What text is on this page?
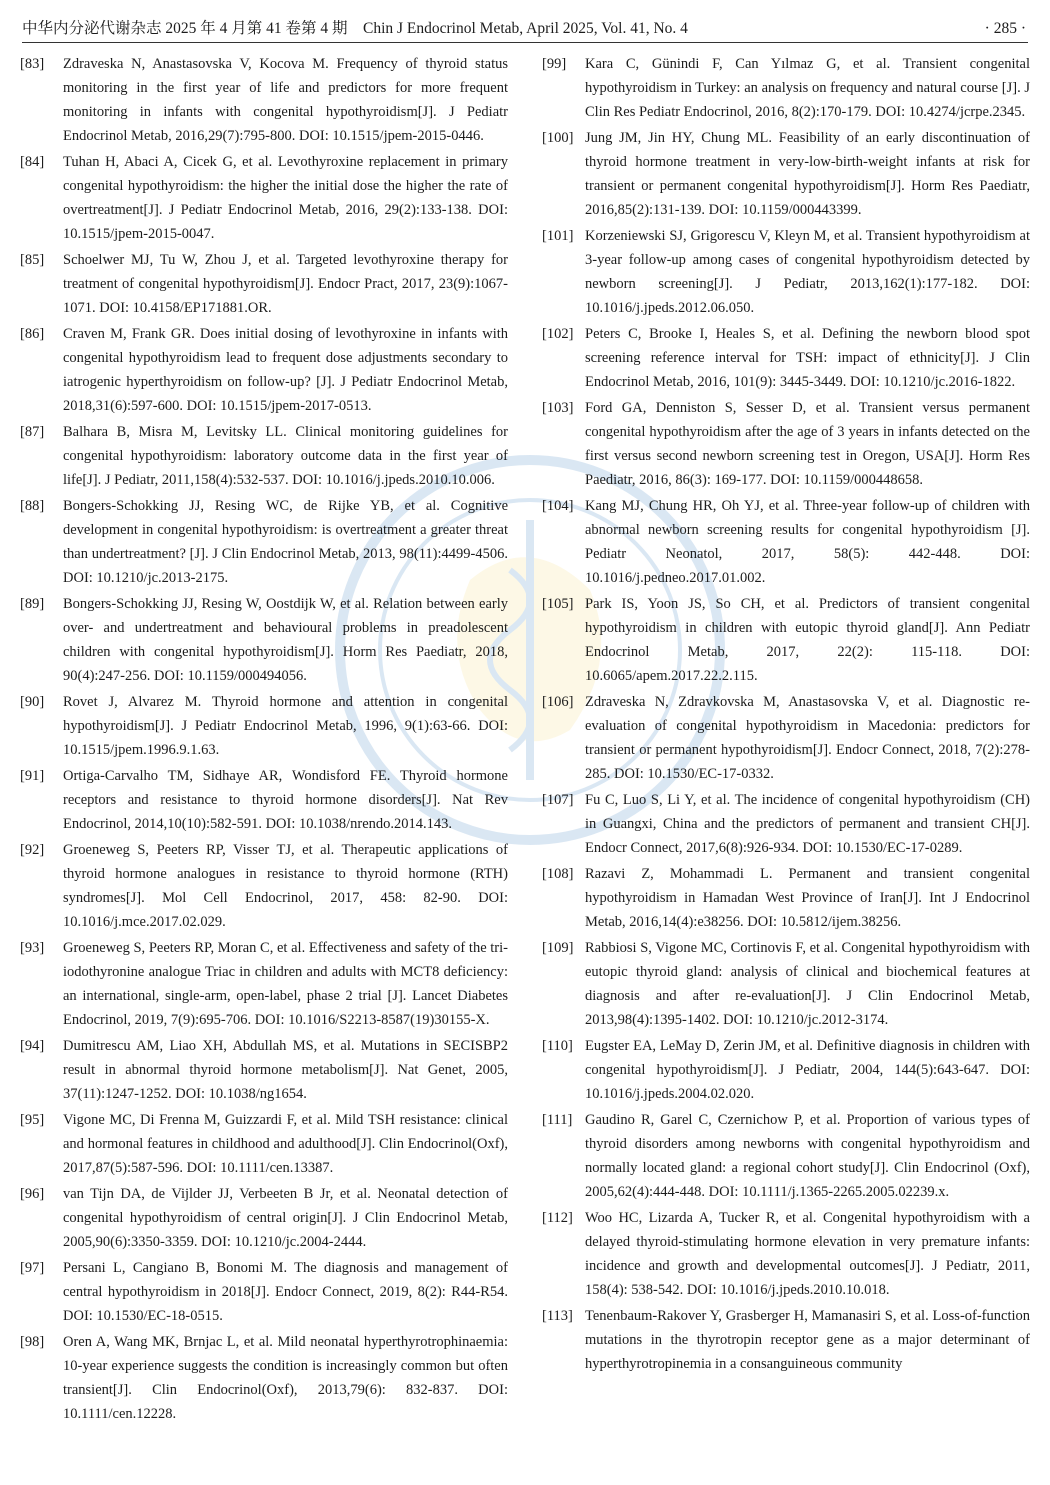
中华内分泌代谢杂志 2025 年 4 月第 41 卷第 4 期　Chin J Endocrinol Metab, April 2025, Vol. 41, No. 4	· 285 ·
[83] Zdraveska N, Anastasovska V, Kocova M. Frequency of thyroid status monitoring in the first year of life and predictors for more frequent monitoring in infants with congenital hypothyroidism[J]. J Pediatr Endocrinol Metab, 2016,29(7):795-800. DOI: 10.1515/jpem-2015-0446.
[84] Tuhan H, Abaci A, Cicek G, et al. Levothyroxine replacement in primary congenital hypothyroidism: the higher the initial dose the higher the rate of overtreatment[J]. J Pediatr Endocrinol Metab, 2016, 29(2):133-138. DOI: 10.1515/jpem-2015-0047.
[85] Schoelwer MJ, Tu W, Zhou J, et al. Targeted levothyroxine therapy for treatment of congenital hypothyroidism[J]. Endocr Pract, 2017, 23(9):1067-1071. DOI: 10.4158/EP171881.OR.
[86] Craven M, Frank GR. Does initial dosing of levothyroxine in infants with congenital hypothyroidism lead to frequent dose adjustments secondary to iatrogenic hyperthyroidism on follow-up? [J]. J Pediatr Endocrinol Metab, 2018,31(6):597-600. DOI: 10.1515/jpem-2017-0513.
[87] Balhara B, Misra M, Levitsky LL. Clinical monitoring guidelines for congenital hypothyroidism: laboratory outcome data in the first year of life[J]. J Pediatr, 2011,158(4):532-537. DOI: 10.1016/j.jpeds.2010.10.006.
[88] Bongers-Schokking JJ, Resing WC, de Rijke YB, et al. Cognitive development in congenital hypothyroidism: is overtreatment a greater threat than undertreatment? [J]. J Clin Endocrinol Metab, 2013, 98(11):4499-4506. DOI: 10.1210/jc.2013-2175.
[89] Bongers-Schokking JJ, Resing W, Oostdijk W, et al. Relation between early over- and undertreatment and behavioural problems in preadolescent children with congenital hypothyroidism[J]. Horm Res Paediatr, 2018, 90(4):247-256. DOI: 10.1159/000494056.
[90] Rovet J, Alvarez M. Thyroid hormone and attention in congenital hypothyroidism[J]. J Pediatr Endocrinol Metab, 1996, 9(1):63-66. DOI: 10.1515/jpem.1996.9.1.63.
[91] Ortiga-Carvalho TM, Sidhaye AR, Wondisford FE. Thyroid hormone receptors and resistance to thyroid hormone disorders[J]. Nat Rev Endocrinol, 2014,10(10):582-591. DOI: 10.1038/nrendo.2014.143.
[92] Groeneweg S, Peeters RP, Visser TJ, et al. Therapeutic applications of thyroid hormone analogues in resistance to thyroid hormone (RTH) syndromes[J]. Mol Cell Endocrinol, 2017, 458: 82-90. DOI: 10.1016/j.mce.2017.02.029.
[93] Groeneweg S, Peeters RP, Moran C, et al. Effectiveness and safety of the tri-iodothyronine analogue Triac in children and adults with MCT8 deficiency: an international, single-arm, open-label, phase 2 trial [J]. Lancet Diabetes Endocrinol, 2019, 7(9):695-706. DOI: 10.1016/S2213-8587(19)30155-X.
[94] Dumitrescu AM, Liao XH, Abdullah MS, et al. Mutations in SECISBP2 result in abnormal thyroid hormone metabolism[J]. Nat Genet, 2005, 37(11):1247-1252. DOI: 10.1038/ng1654.
[95] Vigone MC, Di Frenna M, Guizzardi F, et al. Mild TSH resistance: clinical and hormonal features in childhood and adulthood[J]. Clin Endocrinol(Oxf), 2017,87(5):587-596. DOI: 10.1111/cen.13387.
[96] van Tijn DA, de Vijlder JJ, Verbeeten B Jr, et al. Neonatal detection of congenital hypothyroidism of central origin[J]. J Clin Endocrinol Metab, 2005,90(6):3350-3359. DOI: 10.1210/jc.2004-2444.
[97] Persani L, Cangiano B, Bonomi M. The diagnosis and management of central hypothyroidism in 2018[J]. Endocr Connect, 2019, 8(2): R44-R54. DOI: 10.1530/EC-18-0515.
[98] Oren A, Wang MK, Brnjac L, et al. Mild neonatal hyperthyrotrophinaemia: 10-year experience suggests the condition is increasingly common but often transient[J]. Clin Endocrinol(Oxf), 2013,79(6): 832-837. DOI: 10.1111/cen.12228.
[99] Kara C, Günindi F, Can Yılmaz G, et al. Transient congenital hypothyroidism in Turkey: an analysis on frequency and natural course [J]. J Clin Res Pediatr Endocrinol, 2016, 8(2):170-179. DOI: 10.4274/jcrpe.2345.
[100] Jung JM, Jin HY, Chung ML. Feasibility of an early discontinuation of thyroid hormone treatment in very-low-birth-weight infants at risk for transient or permanent congenital hypothyroidism[J]. Horm Res Paediatr, 2016,85(2):131-139. DOI: 10.1159/000443399.
[101] Korzeniewski SJ, Grigorescu V, Kleyn M, et al. Transient hypothyroidism at 3-year follow-up among cases of congenital hypothyroidism detected by newborn screening[J]. J Pediatr, 2013,162(1):177-182. DOI: 10.1016/j.jpeds.2012.06.050.
[102] Peters C, Brooke I, Heales S, et al. Defining the newborn blood spot screening reference interval for TSH: impact of ethnicity[J]. J Clin Endocrinol Metab, 2016, 101(9): 3445-3449. DOI: 10.1210/jc.2016-1822.
[103] Ford GA, Denniston S, Sesser D, et al. Transient versus permanent congenital hypothyroidism after the age of 3 years in infants detected on the first versus second newborn screening test in Oregon, USA[J]. Horm Res Paediatr, 2016, 86(3): 169-177. DOI: 10.1159/000448658.
[104] Kang MJ, Chung HR, Oh YJ, et al. Three-year follow-up of children with abnormal newborn screening results for congenital hypothyroidism [J]. Pediatr Neonatol, 2017, 58(5): 442-448. DOI: 10.1016/j.pedneo.2017.01.002.
[105] Park IS, Yoon JS, So CH, et al. Predictors of transient congenital hypothyroidism in children with eutopic thyroid gland[J]. Ann Pediatr Endocrinol Metab, 2017, 22(2): 115-118. DOI: 10.6065/apem.2017.22.2.115.
[106] Zdraveska N, Zdravkovska M, Anastasovska V, et al. Diagnostic re-evaluation of congenital hypothyroidism in Macedonia: predictors for transient or permanent hypothyroidism[J]. Endocr Connect, 2018, 7(2):278-285. DOI: 10.1530/EC-17-0332.
[107] Fu C, Luo S, Li Y, et al. The incidence of congenital hypothyroidism (CH) in Guangxi, China and the predictors of permanent and transient CH[J]. Endocr Connect, 2017,6(8):926-934. DOI: 10.1530/EC-17-0289.
[108] Razavi Z, Mohammadi L. Permanent and transient congenital hypothyroidism in Hamadan West Province of Iran[J]. Int J Endocrinol Metab, 2016,14(4):e38256. DOI: 10.5812/ijem.38256.
[109] Rabbiosi S, Vigone MC, Cortinovis F, et al. Congenital hypothyroidism with eutopic thyroid gland: analysis of clinical and biochemical features at diagnosis and after re-evaluation[J]. J Clin Endocrinol Metab, 2013,98(4):1395-1402. DOI: 10.1210/jc.2012-3174.
[110] Eugster EA, LeMay D, Zerin JM, et al. Definitive diagnosis in children with congenital hypothyroidism[J]. J Pediatr, 2004, 144(5):643-647. DOI: 10.1016/j.jpeds.2004.02.020.
[111] Gaudino R, Garel C, Czernichow P, et al. Proportion of various types of thyroid disorders among newborns with congenital hypothyroidism and normally located gland: a regional cohort study[J]. Clin Endocrinol (Oxf), 2005,62(4):444-448. DOI: 10.1111/j.1365-2265.2005.02239.x.
[112] Woo HC, Lizarda A, Tucker R, et al. Congenital hypothyroidism with a delayed thyroid-stimulating hormone elevation in very premature infants: incidence and growth and developmental outcomes[J]. J Pediatr, 2011, 158(4): 538-542. DOI: 10.1016/j.jpeds.2010.10.018.
[113] Tenenbaum-Rakover Y, Grasberger H, Mamanasiri S, et al. Loss-of-function mutations in the thyrotropin receptor gene as a major determinant of hyperthyrotropinemia in a consanguineous community
